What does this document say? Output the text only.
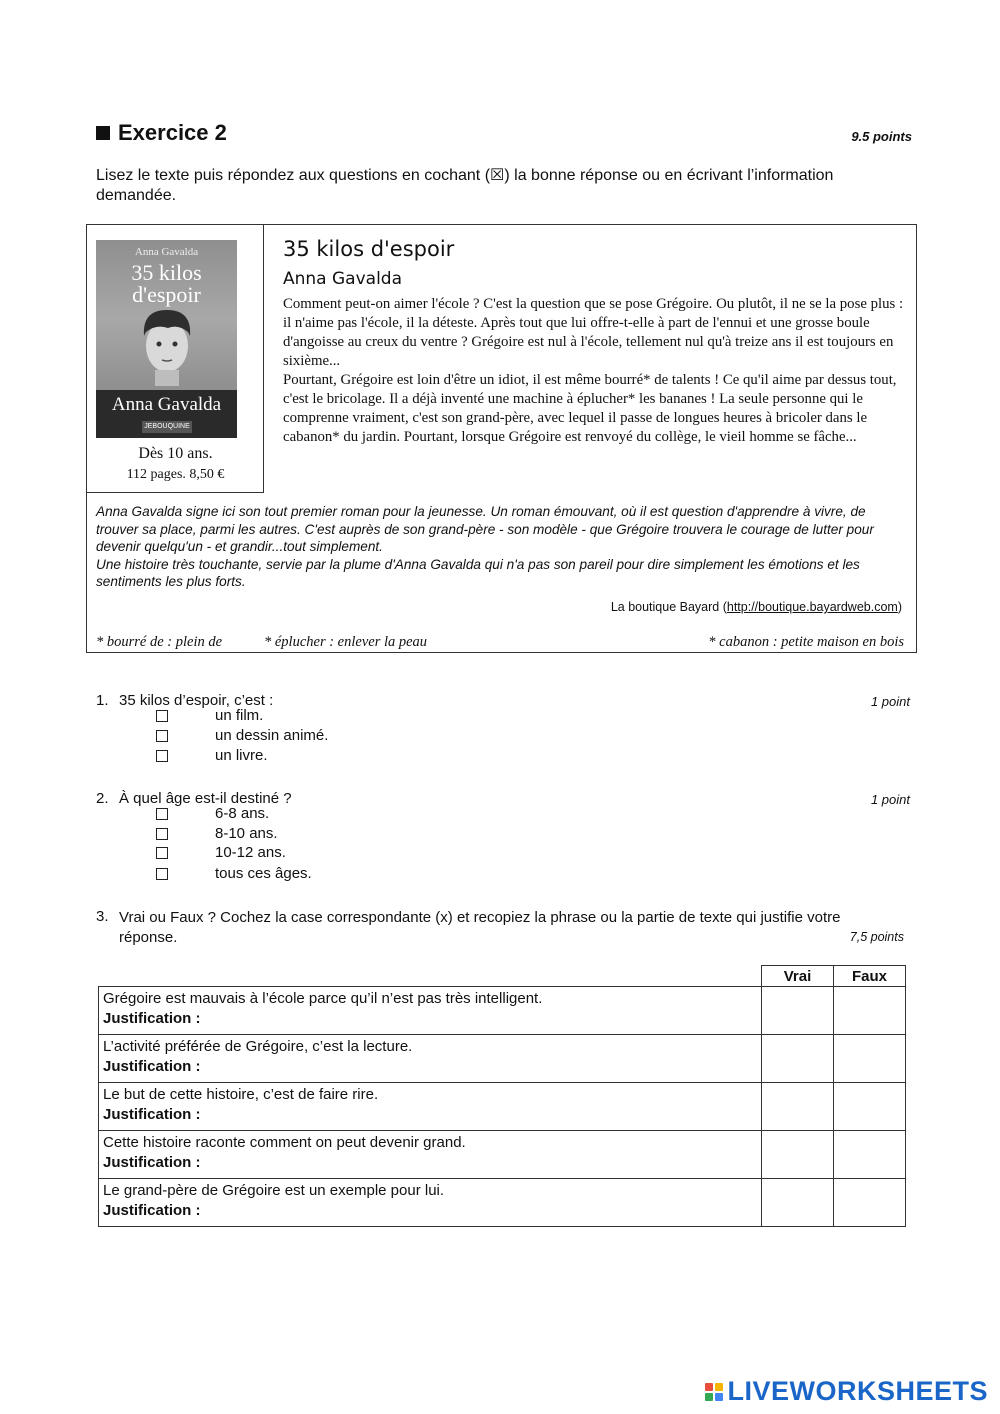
Exercice 2	9.5 points
Lisez le texte puis répondez aux questions en cochant (☒) la bonne réponse ou en écrivant l’information demandée.
Anna Gavalda
35 kilos d'espoir
Anna Gavalda
JEBOUQUINE
Dès 10 ans.
112 pages. 8,50 €
35 kilos d'espoir
Anna Gavalda
Comment peut-on aimer l'école ? C'est la question que se pose Grégoire. Ou plutôt, il ne se la pose plus : il n'aime pas l'école, il la déteste. Après tout que lui offre-t-elle à part de l'ennui et une grosse boule d'angoisse au creux du ventre ? Grégoire est nul à l'école, tellement nul qu'à treize ans il est toujours en sixième...
Pourtant, Grégoire est loin d'être un idiot, il est même bourré* de talents ! Ce qu'il aime par dessus tout, c'est le bricolage. Il a déjà inventé une machine à éplucher* les bananes ! La seule personne qui le comprenne vraiment, c'est son grand-père, avec lequel il passe de longues heures à bricoler dans le cabanon* du jardin. Pourtant, lorsque Grégoire est renvoyé du collège, le vieil homme se fâche...
Anna Gavalda signe ici son tout premier roman pour la jeunesse. Un roman émouvant, où il est question d'apprendre à vivre, de trouver sa place, parmi les autres. C'est auprès de son grand-père - son modèle - que Grégoire trouvera le courage de lutter pour devenir quelqu'un - et grandir...tout simplement.
Une histoire très touchante, servie par la plume d'Anna Gavalda qui n'a pas son pareil pour dire simplement les émotions et les sentiments les plus forts.
La boutique Bayard (http://boutique.bayardweb.com)
* bourré de : plein de	* éplucher : enlever la peau	* cabanon : petite maison en bois
1. 35 kilos d’espoir, c’est :	1 point
un film.
un dessin animé.
un livre.
2. À quel âge est-il destiné ?	1 point
6-8 ans.
8-10 ans.
10-12 ans.
tous ces âges.
3. Vrai ou Faux ? Cochez la case correspondante (x) et recopiez la phrase ou la partie de texte qui justifie votre réponse.	7,5 points
	Vrai	Faux
Grégoire est mauvais à l’école parce qu’il n’est pas très intelligent.
Justification :		

L’activité préférée de Grégoire, c’est la lecture.
Justification :		

Le but de cette histoire, c’est de faire rire.
Justification :		

Cette histoire raconte comment on peut devenir grand.
Justification :		

Le grand-père de Grégoire est un exemple pour lui.
Justification :		

LIVEWORKSHEETS
